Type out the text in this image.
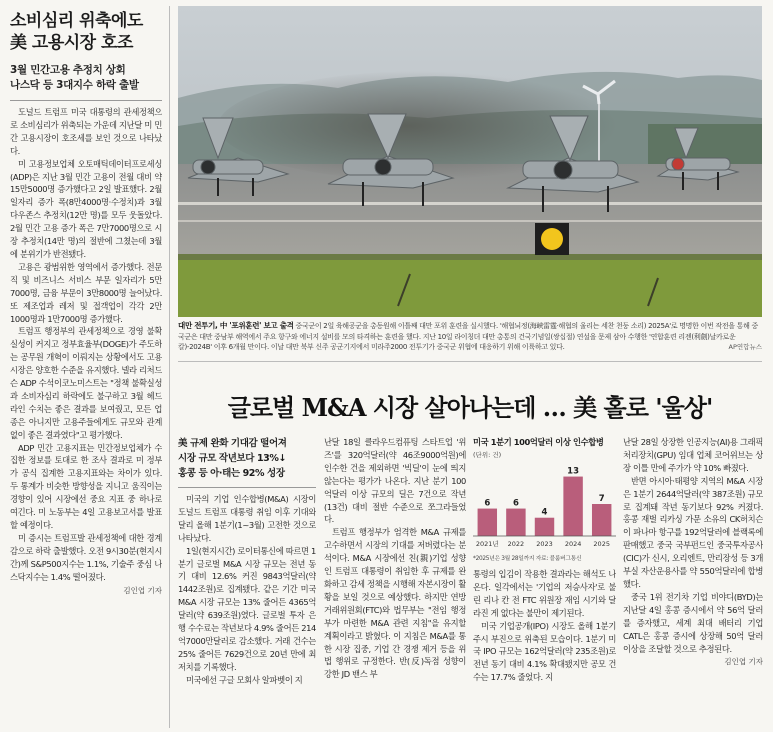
소비심리 위축에도
美 고용시장 호조
3월 민간고용 추정치 상회
나스닥 등 3대지수 하락 출발

도널드 트럼프 미국 대통령의 관세정책으로 소비심리가 위축되는 가운데 지난달 미 민간 고용시장이 호조세를 보인 것으로 나타났다.

미 고용정보업체 오토매틱데이터프로세싱(ADP)은 지난 3월 민간 고용이 전월 대비 약 15만5000명 증가했다고 2일 발표했다. 2월 일자리 증가 폭(8만4000명·수정치)과 3월 다우존스 추정치(12만 명)를 모두 웃돌았다. 2월 민간 고용 증가 폭은 7만7000명으로 시장 추정치(14만 명)의 절반에 그쳤는데 3월에 분위기가 반전됐다.

고용은 광범위한 영역에서 증가했다. 전문직 및 비즈니스 서비스 부문 일자리가 5만7000명, 금융 부문이 3만8000명 늘어났다. 또 제조업과 레저 및 접객업이 각각 2만1000명과 1만7000명 증가했다.

트럼프 행정부의 관세정책으로 경영 불확실성이 커지고 정부효율부(DOGE)가 주도하는 공무원 개혁이 이뤄지는 상황에서도 고용시장은 양호한 수준을 유지했다. 넬라 리처드슨 ADP 수석이코노미스트는 "정책 불확실성과 소비자심리 하락에도 불구하고 3월 헤드라인 수치는 좋은 결과를 보여줬고, 모든 업종은 아니지만 고용주들에게도 규모와 관계없이 좋은 결과였다"고 평가했다.

ADP 민간 고용지표는 민간정보업체가 수집한 정보를 토대로 한 조사 결과로 미 정부가 공식 집계한 고용지표와는 차이가 있다. 두 통계가 비슷한 방향성을 지니고 움직이는 경향이 있어 시장에선 중요 지표 중 하나로 여긴다. 미 노동부는 4일 고용보고서를 발표할 예정이다.

미 증시는 트럼프발 관세정책에 대한 경계감으로 하락 출발했다. 오전 9시30분(현지시간)께 S&P500지수는 1.1%, 기술주 중심 나스닥지수는 1.4% 떨어졌다.

김인엽 기자
대만 전투기, 中 '포위훈련' 보고 출격 중국군이 2일 육해공군을 총동원해 이틀째 대만 포위 훈련을 실시했다. '해협뇌정(海峽雷霆·해협의 울리는 세찬 천둥 소리) 2025A'로 명명한 이번 작전을 통해 중국군은 대만 중남부 해역에서 주요 항구와 에너지 설비를 모의 타격하는 훈련을 했다. 지난 10일 라이칭더 대만 총통의 건국기념일(쌍십절) 연설을 문제 삼아 수행한 '연합훈련 리젠(利劍)날카로운 칼)-2024B' 이후 6개월 만이다. 이날 대만 북부 신주 공군기지에서 미라주2000 전투기가 중국군 위협에 대응하기 위해 이륙하고 있다.	AP연합뉴스
글로벌 M&A 시장 살아나는데 … 美 홀로 '울상'
美 규제 완화 기대감 떨어져
시장 규모 작년보다 13%↓
홍콩 등 아·태는 92% 성장

미국의 기업 인수합병(M&A) 시장이 도널드 트럼프 대통령 취임 이후 기대와 달리 올해 1분기(1~3월) 고전한 것으로 나타났다.

1일(현지시간) 로이터통신에 따르면 1분기 글로벌 M&A 시장 규모는 전년 동기 대비 12.6% 커진 9843억달러(약 1442조원)로 집계됐다. 같은 기간 미국 M&A 시장 규모는 13% 줄어든 4365억달러(약 639조원)였다. 글로벌 투자 은행 수수료는 작년보다 4.9% 줄어든 214억7000만달러로 감소했다. 거래 건수는 25% 줄어든 7629건으로 20년 만에 최저치를 기록했다.

미국에선 구글 모회사 알파벳이 지

난달 18일 클라우드컴퓨팅 스타트업 '위즈'를 320억달러(약 46조9000억원)에 인수한 건을 제외하면 '빅딜'이 눈에 띄지 않는다는 평가가 나온다. 지난 분기 100억달러 이상 규모의 딜은 7건으로 작년(13건) 대비 절반 수준으로 쪼그라들었다.

트럼프 행정부가 엄격한 M&A 규제를 고수하면서 시장의 기대를 저버렸다는 분석이다. M&A 시장에선 친(親)기업 성향인 트럼프 대통령이 취임한 후 규제를 완화하고 감세 정책을 시행해 자본시장이 활황을 보일 것으로 예상했다. 하지만 연방거래위원회(FTC)와 법무부는 "전임 행정부가 마련한 M&A 관련 지침"을 유지할 계획이라고 밝혔다. 이 지침은 M&A를 통한 시장 집중, 기업 간 경쟁 제거 등을 위법 행위로 규정한다. 반(反)독점 성향이 강한 JD 밴스 부

미국 1분기 100억달러 이상 인수합병
(단위: 건)
6
2021년
6
2022
4
2023
13
2024
7
2025
*2025년은 3월 28일까지 자료: 블룸버그통신

통령의 입김이 작용한 결과라는 해석도 나온다. 일각에서는 '기업의 저승사자'로 불린 리나 칸 전 FTC 위원장 재임 시기와 달라진 게 없다는 불만이 제기된다.

미국 기업공개(IPO) 시장도 올해 1분기 주시 부진으로 위축된 모습이다. 1분기 미국 IPO 규모는 162억달러(약 235조원)로 전년 동기 대비 4.1% 확대됐지만 공모 건수는 17.7% 줄었다. 지

난달 28일 상장한 인공지능(AI)용 그래픽처리장치(GPU) 임대 업체 코어위브는 상장 이틀 만에 주가가 약 10% 빠졌다.

반면 아시아·태평양 지역의 M&A 시장은 1분기 2644억달러(약 387조원) 규모로 집계돼 작년 동기보다 92% 커졌다. 홍콩 재벌 리카싱 가문 소유의 CK허치슨이 파나마 항구를 192억달러에 블랙록에 판매했고 중국 국부펀드인 중국투자공사(CIC)가 신시, 오리엔트, 만리장성 등 3개 부실 자산운용사를 약 550억달러에 합병했다.

중국 1위 전기차 기업 비야디(BYD)는 지난달 4일 홍콩 증시에서 약 56억 달러를 증자했고, 세계 최대 배터리 기업 CATL은 홍콩 증시에 상장해 50억 달러 이상을 조달할 것으로 추정된다.

김인엽 기자
